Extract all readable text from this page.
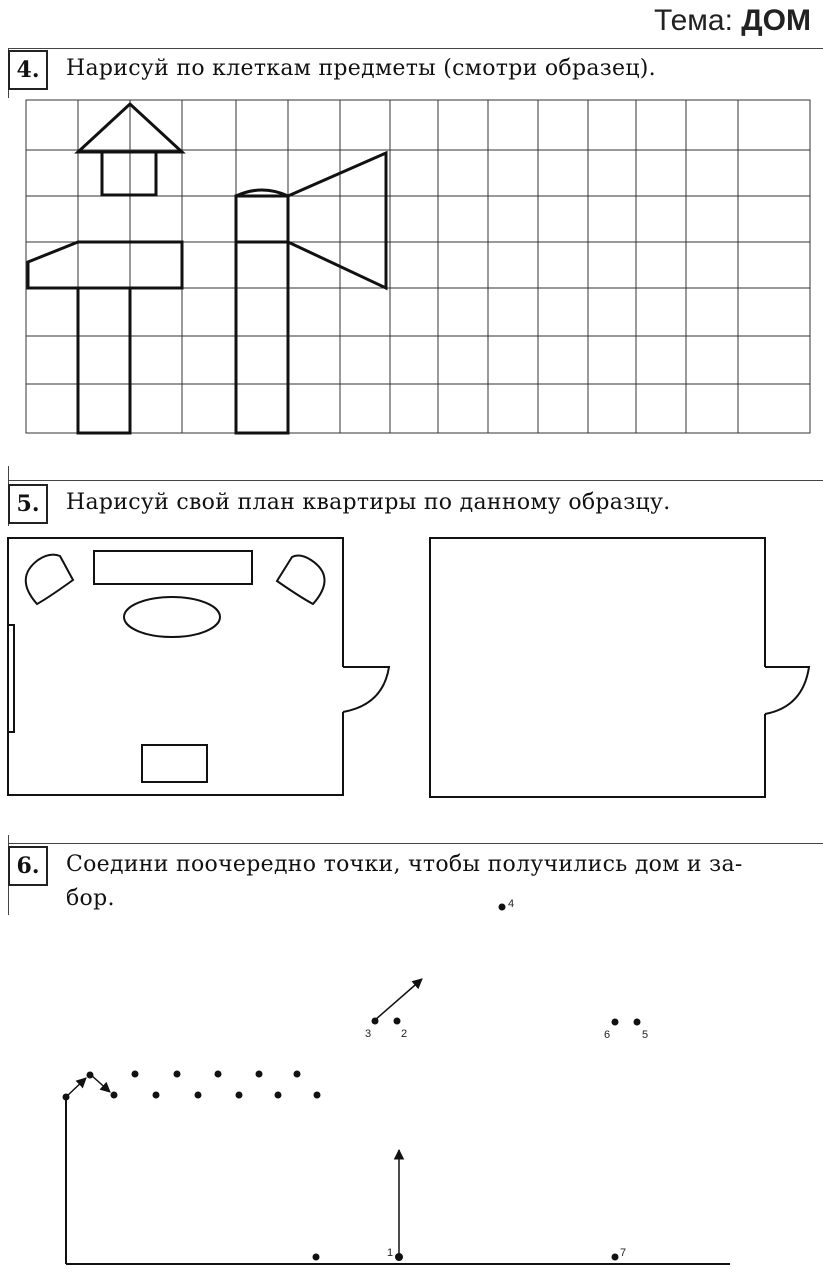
Тема: ДОМ
4.	Нарисуй по клеткам предметы (смотри образец).
5.	Нарисуй свой план квартиры по данному образцу.
6.	Соедини поочередно точки, чтобы получились дом и за-
бор.
1
2
3
4
5
6
7
